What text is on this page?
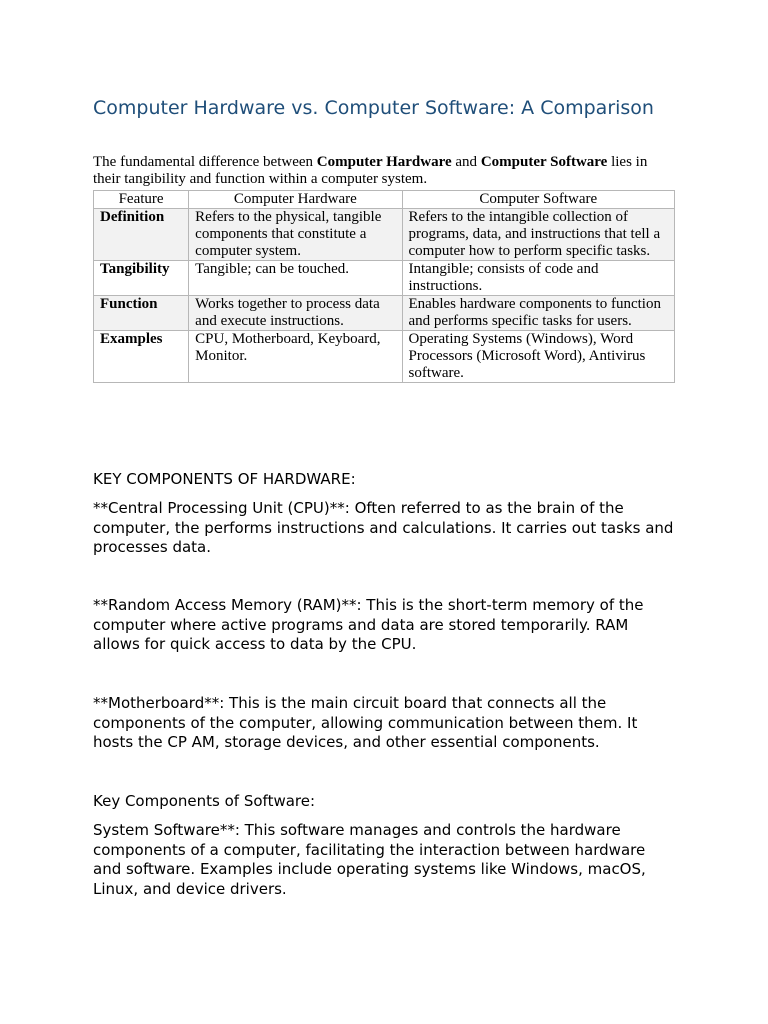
Computer Hardware vs. Computer Software: A Comparison

The fundamental difference between Computer Hardware and Computer Software lies in their tangibility and function within a computer system.

Feature	Computer Hardware	Computer Software
Definition	Refers to the physical, tangible components that constitute a computer system.	Refers to the intangible collection of programs, data, and instructions that tell a computer how to perform specific tasks.
Tangibility	Tangible; can be touched.	Intangible; consists of code and instructions.
Function	Works together to process data and execute instructions.	Enables hardware components to function and performs specific tasks for users.
Examples	CPU, Motherboard, Keyboard, Monitor.	Operating Systems (Windows), Word Processors (Microsoft Word), Antivirus software.

KEY COMPONENTS OF HARDWARE:

**Central Processing Unit (CPU)**: Often referred to as the brain of the computer, the performs instructions and calculations. It carries out tasks and processes data.

**Random Access Memory (RAM)**: This is the short-term memory of the computer where active programs and data are stored temporarily. RAM allows for quick access to data by the CPU.

**Motherboard**: This is the main circuit board that connects all the components of the computer, allowing communication between them. It hosts the CP AM, storage devices, and other essential components.

Key Components of Software:

System Software**: This software manages and controls the hardware components of a computer, facilitating the interaction between hardware and software. Examples include operating systems like Windows, macOS, Linux, and device drivers.
